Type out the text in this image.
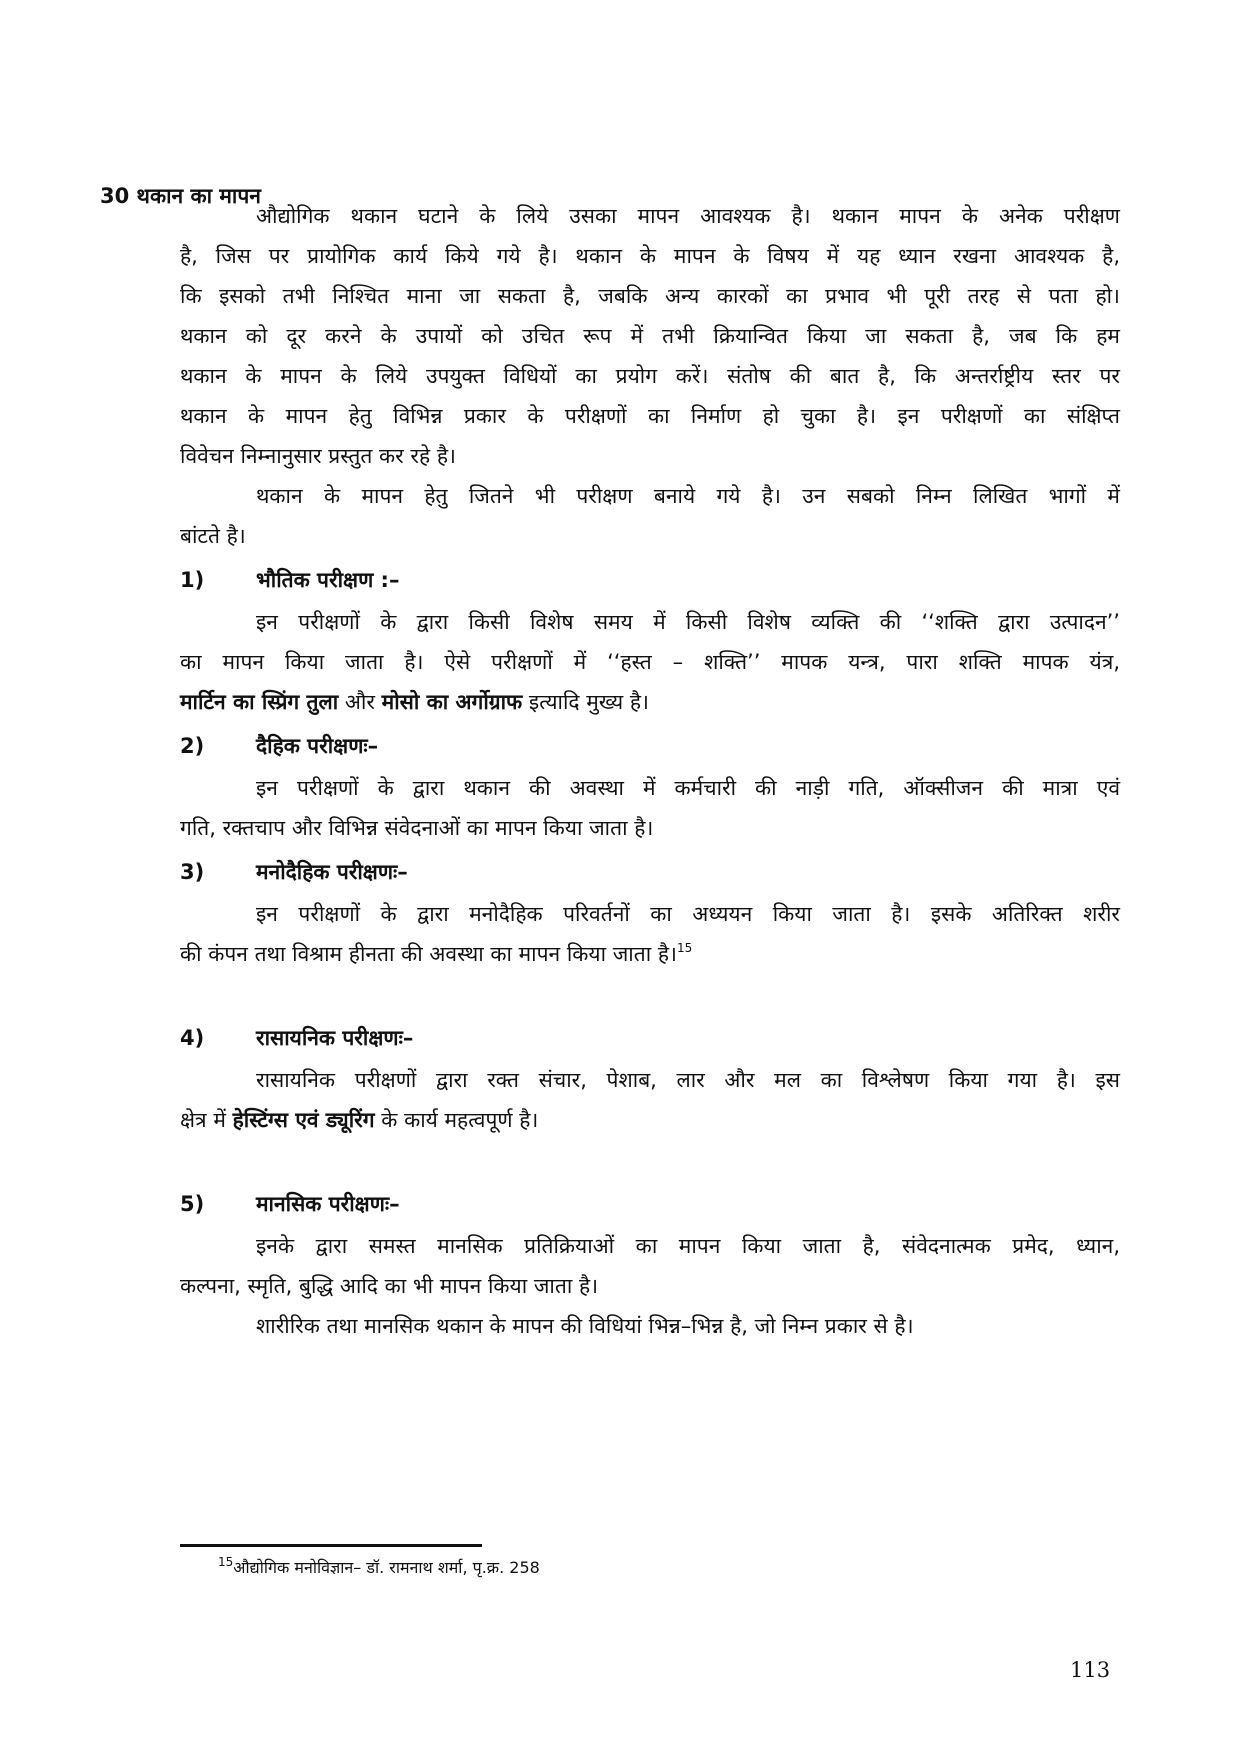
30 थकान का मापन
औद्योगिक थकान घटाने के लिये उसका मापन आवश्यक है। थकान मापन के अनेक परीक्षण
है, जिस पर प्रायोगिक कार्य किये गये है। थकान के मापन के विषय में यह ध्यान रखना आवश्यक है,
कि इसको तभी निश्चित माना जा सकता है, जबकि अन्य कारकों का प्रभाव भी पूरी तरह से पता हो।
थकान को दूर करने के उपायों को उचित रूप में तभी क्रियान्वित किया जा सकता है, जब कि हम
थकान के मापन के लिये उपयुक्त विधियों का प्रयोग करें। संतोष की बात है, कि अन्तर्राष्ट्रीय स्तर पर
थकान के मापन हेतु विभिन्न प्रकार के परीक्षणों का निर्माण हो चुका है। इन परीक्षणों का संक्षिप्त
विवेचन निम्नानुसार प्रस्तुत कर रहे है।
थकान के मापन हेतु जितने भी परीक्षण बनाये गये है। उन सबको निम्न लिखित भागों में
बांटते है।
1) भौतिक परीक्षण :–
इन परीक्षणों के द्वारा किसी विशेष समय में किसी विशेष व्यक्ति की ‘‘शक्ति द्वारा उत्पादन’’
का मापन किया जाता है। ऐसे परीक्षणों में ‘‘हस्त – शक्ति’’ मापक यन्त्र, पारा शक्ति मापक यंत्र,
मार्टिन का स्प्रिंग तुला और मोसो का अर्गोग्राफ इत्यादि मुख्य है।
2) दैहिक परीक्षणः–
इन परीक्षणों के द्वारा थकान की अवस्था में कर्मचारी की नाड़ी गति, ऑक्सीजन की मात्रा एवं
गति, रक्तचाप और विभिन्न संवेदनाओं का मापन किया जाता है।
3) मनोदैहिक परीक्षणः–
इन परीक्षणों के द्वारा मनोदैहिक परिवर्तनों का अध्ययन किया जाता है। इसके अतिरिक्त शरीर
की कंपन तथा विश्राम हीनता की अवस्था का मापन किया जाता है।$^{15}$
4) रासायनिक परीक्षणः–
रासायनिक परीक्षणों द्वारा रक्त संचार, पेशाब, लार और मल का विश्लेषण किया गया है। इस
क्षेत्र में हेस्टिंग्स एवं ड्यूरिंग के कार्य महत्वपूर्ण है।
5) मानसिक परीक्षणः–
इनके द्वारा समस्त मानसिक प्रतिक्रियाओं का मापन किया जाता है, संवेदनात्मक प्रमेद, ध्यान,
कल्पना, स्मृति, बुद्धि आदि का भी मापन किया जाता है।
शारीरिक तथा मानसिक थकान के मापन की विधियां भिन्न–भिन्न है, जो निम्न प्रकार से है।
$^{15}$औद्योगिक मनोविज्ञान– डॉ. रामनाथ शर्मा, पृ.क्र. 258
113
